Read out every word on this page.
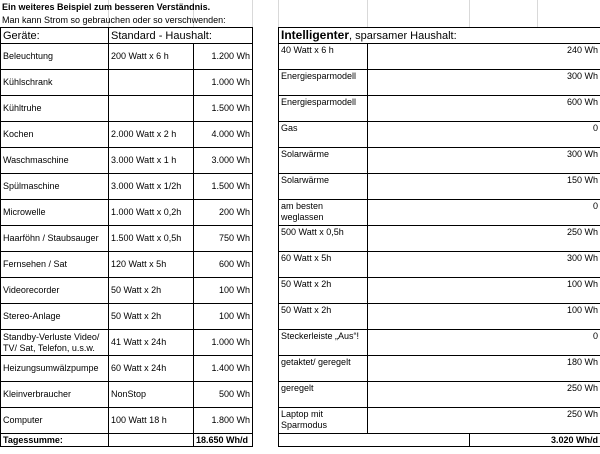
Ein weiteres Beispiel zum besseren Verständnis.
Man kann Strom so gebrauchen oder so verschwenden:
Geräte:	Standard - Haushalt:			Intelligenter, sparsamer Haushalt:		
Beleuchtung	200 Watt x 6 h	1.200 Wh		40 Watt x 6 h	240 Wh	
Kühlschrank		1.000 Wh		Energiesparmodell	300 Wh	
Kühltruhe		1.500 Wh		Energiesparmodell	600 Wh	
Kochen	2.000 Watt x 2 h	4.000 Wh		Gas	0	
Waschmaschine	3.000 Watt x 1 h	3.000 Wh		Solarwärme	300 Wh	
Spülmaschine	3.000 Watt x 1/2h	1.500 Wh		Solarwärme	150 Wh	
Microwelle	1.000 Watt x 0,2h	200 Wh		am besten weglassen	0	
Haarföhn / Staubsauger	1.500 Watt x 0,5h	750 Wh		500 Watt x 0,5h	250 Wh	
Fernsehen / Sat	120 Watt x 5h	600 Wh		60 Watt x 5h	300 Wh	
Videorecorder	50 Watt x 2h	100 Wh		50 Watt x 2h	100 Wh	
Stereo-Anlage	50 Watt x 2h	100 Wh		50 Watt x 2h	100 Wh	
Standby-Verluste Video/ TV/ Sat, Telefon, u.s.w.	41 Watt x 24h	1.000 Wh		Steckerleiste „Aus“!	0	
Heizungsumwälzpumpe	60 Watt x 24h	1.400 Wh		getaktet/ geregelt	180 Wh	
Kleinverbraucher	NonStop	500 Wh		geregelt	250 Wh	
Computer	100 Watt 18 h	1.800 Wh		Laptop mit Sparmodus	250 Wh	
Tagessumme:		18.650 Wh/d				3.020 Wh/d
